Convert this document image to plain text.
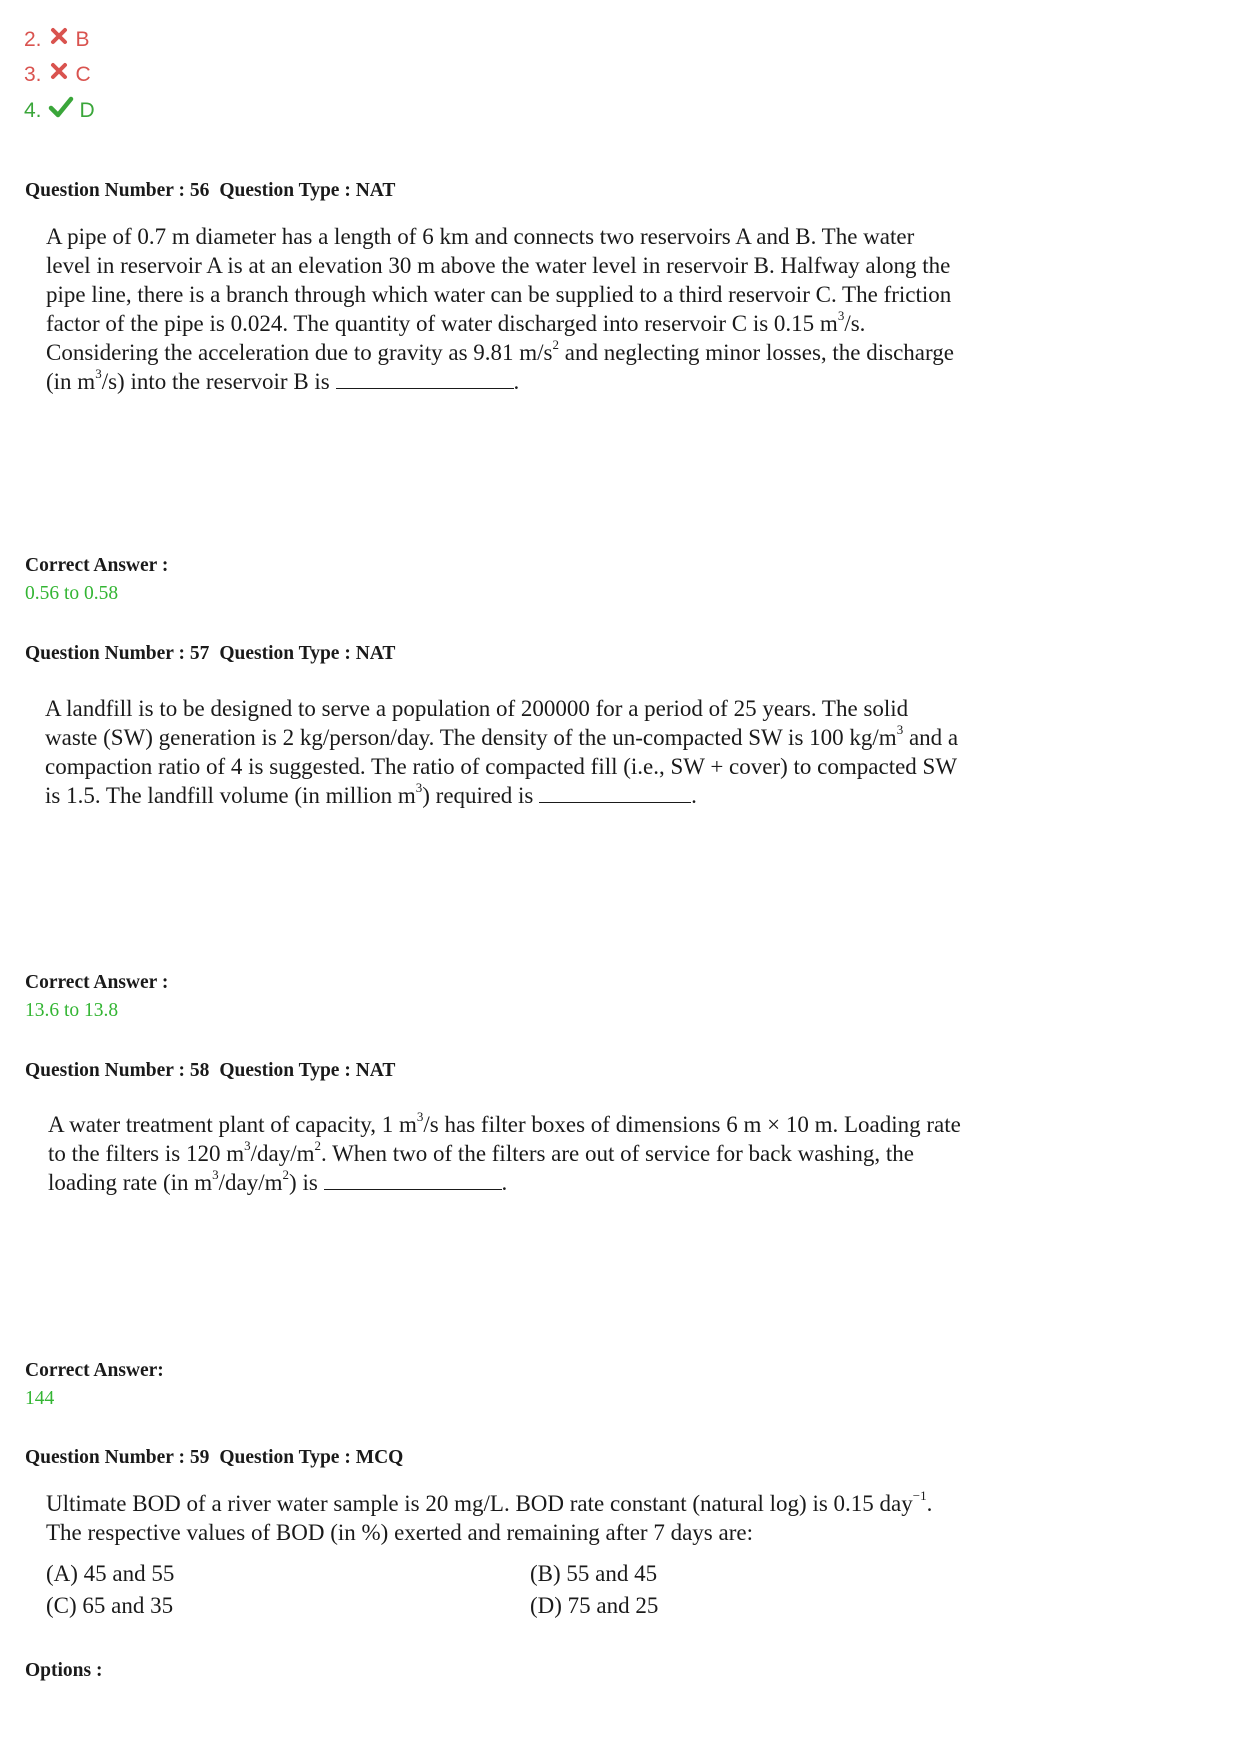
2. B
3. C
4. D
Question Number : 56 Question Type : NAT
A pipe of 0.7 m diameter has a length of 6 km and connects two reservoirs A and B. The water
level in reservoir A is at an elevation 30 m above the water level in reservoir B. Halfway along the
pipe line, there is a branch through which water can be supplied to a third reservoir C. The friction
factor of the pipe is 0.024. The quantity of water discharged into reservoir C is 0.15 $m^3/s$.
Considering the acceleration due to gravity as 9.81 $m/s^2$ and neglecting minor losses, the discharge
(in $m^3/s$) into the reservoir B is	.
Correct Answer :
0.56 to 0.58
Question Number : 57 Question Type : NAT
A landfill is to be designed to serve a population of 200000 for a period of 25 years. The solid
waste (SW) generation is 2 kg/person/day. The density of the un-compacted SW is 100 $kg/m^3$ and a
compaction ratio of 4 is suggested. The ratio of compacted fill (i.e., SW + cover) to compacted SW
is 1.5. The landfill volume (in million $m^3$) required is	.
Correct Answer :
13.6 to 13.8
Question Number : 58 Question Type : NAT
A water treatment plant of capacity, 1 $m^3/s$ has filter boxes of dimensions 6 m × 10 m. Loading rate
to the filters is 120 $m^3/day/m^2$. When two of the filters are out of service for back washing, the
loading rate (in $m^3/day/m^2$) is	.
Correct Answer:
144
Question Number : 59 Question Type : MCQ
Ultimate BOD of a river water sample is 20 mg/L. BOD rate constant (natural log) is 0.15 day$^{-1}$.
The respective values of BOD (in %) exerted and remaining after 7 days are:
(A) 45 and 55	(B) 55 and 45
(C) 65 and 35	(D) 75 and 25
Options :
